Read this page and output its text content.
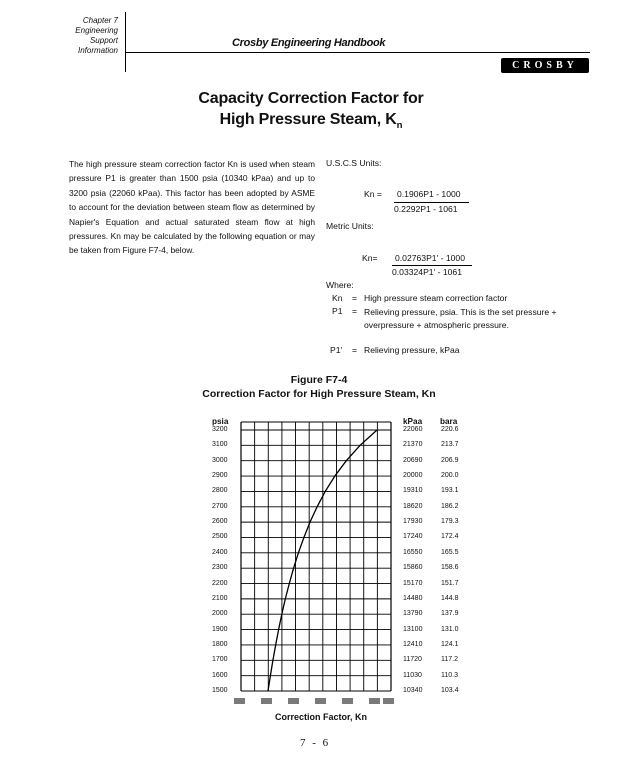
Chapter 7
Engineering
Support
Information
Crosby Engineering Handbook
CROSBY
Capacity Correction Factor for
High Pressure Steam, $K_n$
The high pressure steam correction factor Kn is used when steam pressure P1 is greater than 1500 psia (10340 kPaa) and up to 3200 psia (22060 kPaa). This factor has been adopted by ASME to account for the deviation between steam flow as determined by Napier's Equation and actual saturated steam flow at high pressures. Kn may be calculated by the following equation or may be taken from Figure F7-4, below.
U.S.C.S Units:
Kn = 0.1906P1 - 1000
0.2292P1 - 1061
Metric Units:
Kn= 0.02763P1' - 1000
0.03324P1' - 1061
Where:
Kn	= High pressure steam correction factor
P1	= Relieving pressure, psia. This is the set pressure + overpressure + atmospheric pressure.
P1'	= Relieving pressure, kPaa
Figure F7-4
Correction Factor for High Pressure Steam, Kn
psia	kPaa bara
1500	10340	103.4
1600	11030	110.3
1700	11720	117.2
1800	12410	124.1
1900	13100	131.0
2000	13790	137.9
2100	14480	144.8
2200	15170	151.7
2300	15860	158.6
2400	16550	165.5
2500	17240	172.4
2600	17930	179.3
2700	18620	186.2
2800	19310	193.1
2900	20000	200.0
3000	20690	206.9
3100	21370	213.7
3200	22060	220.6
Correction Factor, Kn
7 - 6
